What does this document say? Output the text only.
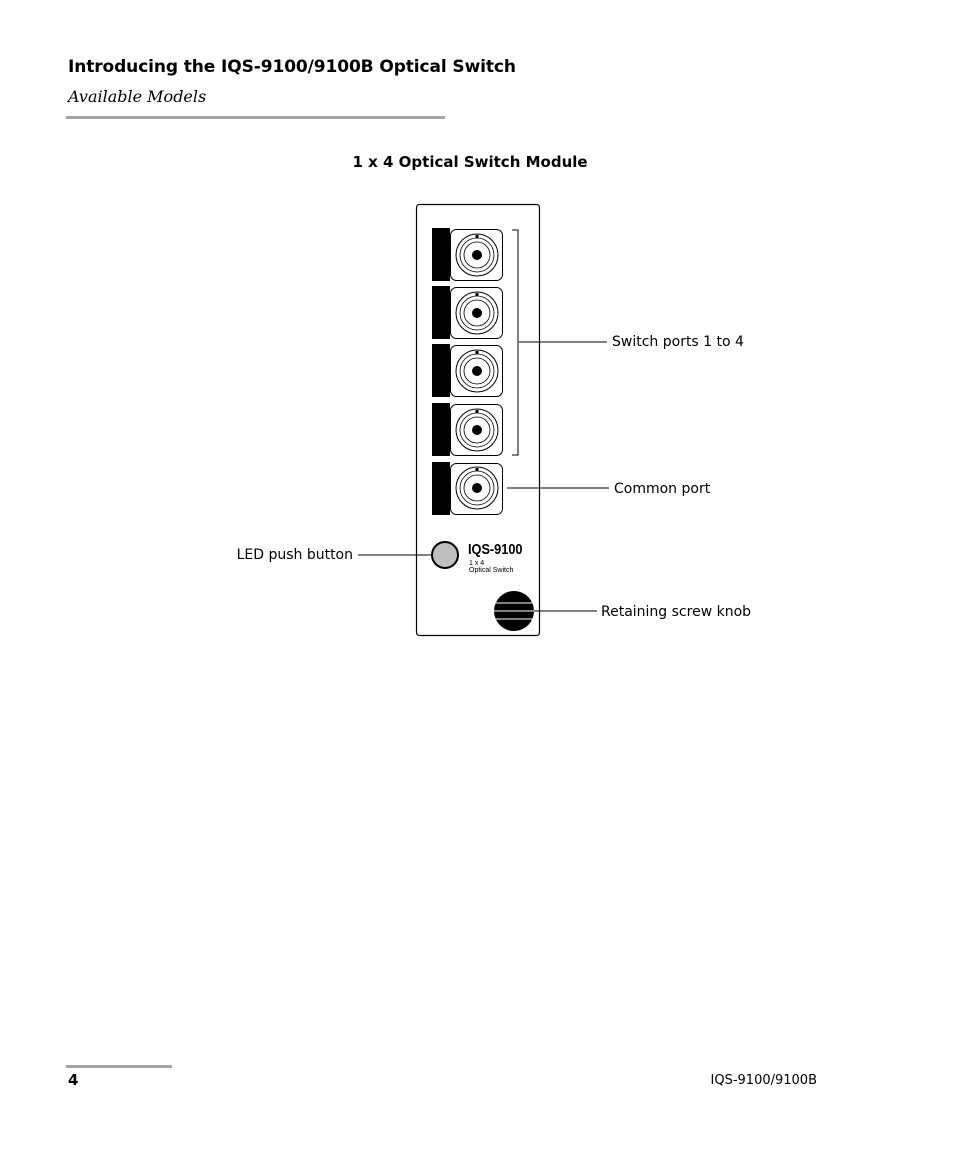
Introducing the IQS-9100/9100B Optical Switch
Available Models
1 x 4 Optical Switch Module
IQS-9100
1 x 4
Optical Switch
Switch ports 1 to 4
Common port
LED push button
Retaining screw knob
4	IQS-9100/9100B
